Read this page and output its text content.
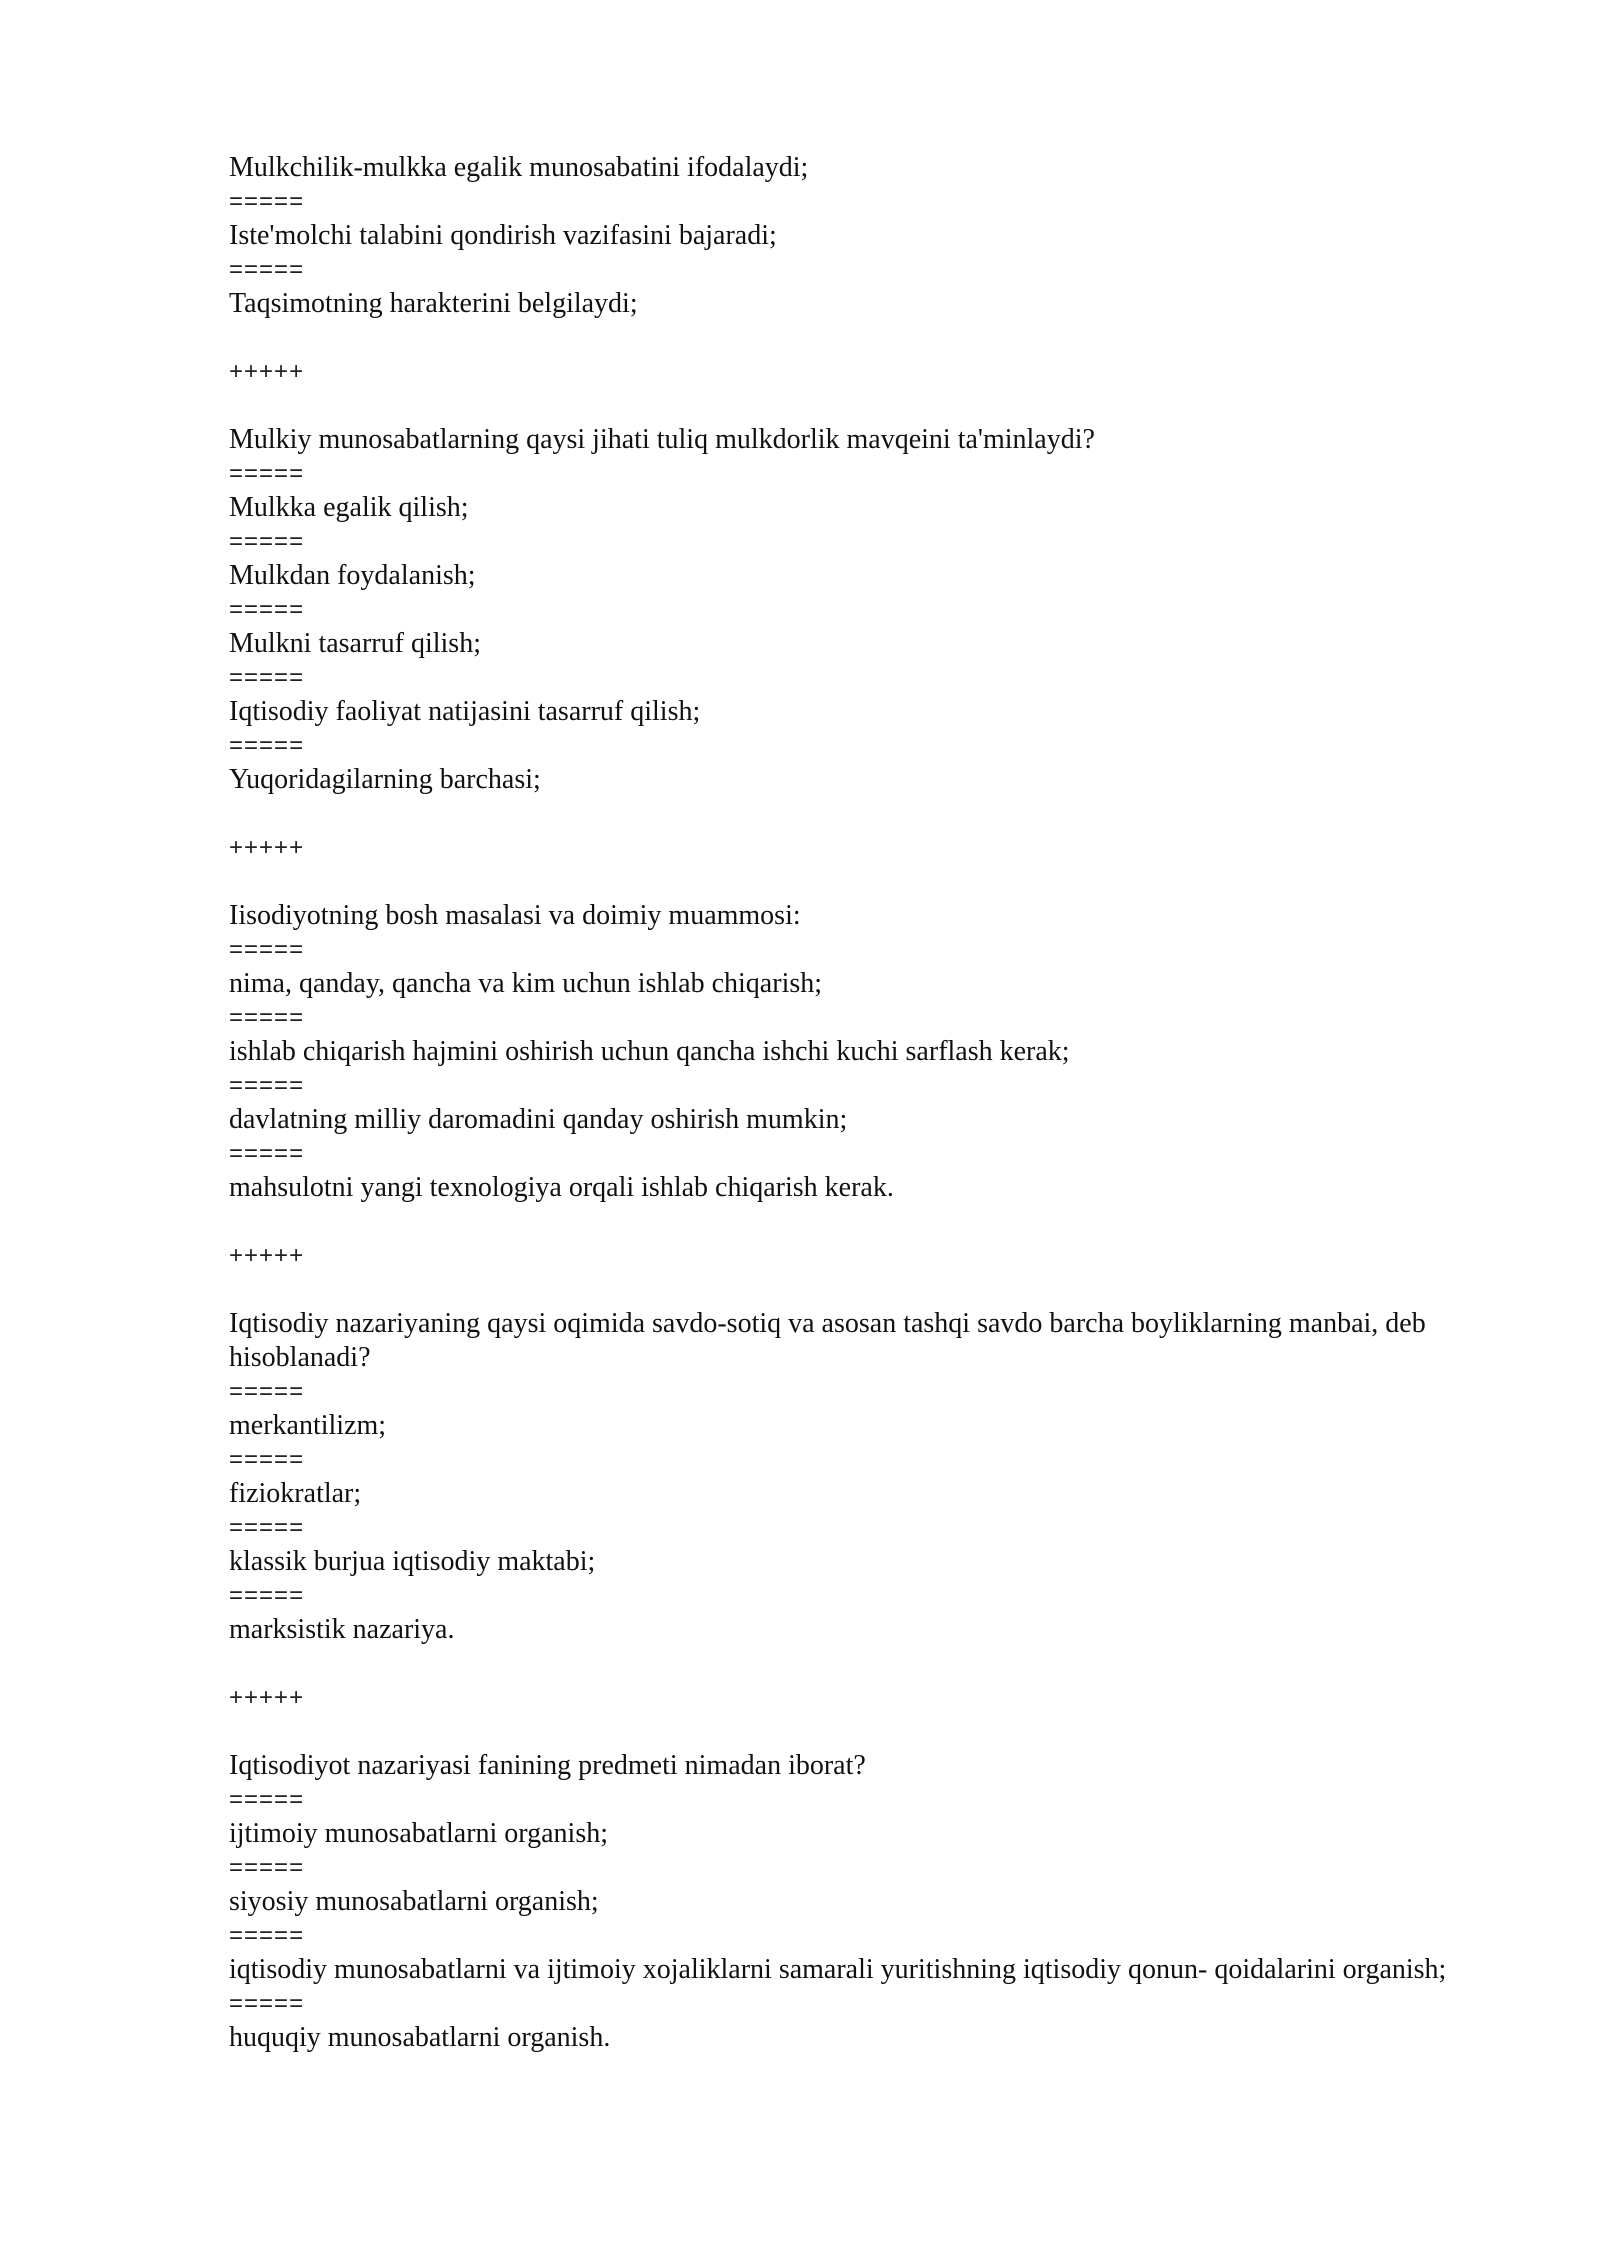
Mulkchilik-mulkka egalik munosabatini ifodalaydi;
=====
Iste'molchi talabini qondirish vazifasini bajaradi;
=====
Taqsimotning harakterini belgilaydi;
+++++
Mulkiy munosabatlarning qaysi jihati tuliq mulkdorlik mavqeini ta'minlaydi?
=====
Mulkka egalik qilish;
=====
Mulkdan foydalanish;
=====
Mulkni tasarruf qilish;
=====
Iqtisodiy faoliyat natijasini tasarruf qilish;
=====
Yuqoridagilarning barchasi;
+++++
Iisodiyotning bosh masalasi va doimiy muammosi:
=====
nima, qanday, qancha va kim uchun ishlab chiqarish;
=====
ishlab chiqarish hajmini oshirish uchun qancha ishchi kuchi sarflash kerak;
=====
davlatning milliy daromadini qanday oshirish mumkin;
=====
mahsulotni yangi texnologiya orqali ishlab chiqarish kerak.
+++++
Iqtisodiy nazariyaning qaysi oqimida savdo-sotiq va asosan tashqi savdo barcha boyliklarning manbai, deb hisoblanadi?
=====
merkantilizm;
=====
fiziokratlar;
=====
klassik burjua iqtisodiy maktabi;
=====
marksistik nazariya.
+++++
Iqtisodiyot nazariyasi fanining predmeti nimadan iborat?
=====
ijtimoiy munosabatlarni organish;
=====
siyosiy munosabatlarni organish;
=====
iqtisodiy munosabatlarni va ijtimoiy xojaliklarni samarali yuritishning iqtisodiy qonun- qoidalarini organish;
=====
huquqiy munosabatlarni organish.
